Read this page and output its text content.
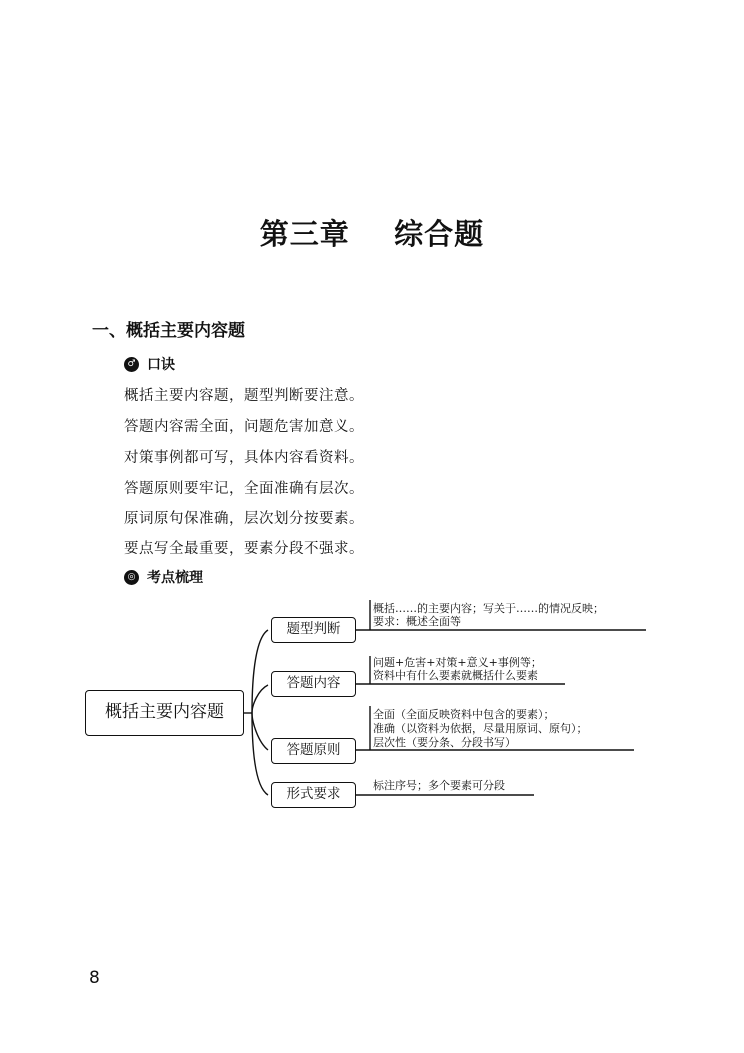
第三章    综合题
一、概括主要内容题
♂ 口诀
概括主要内容题，题型判断要注意。
答题内容需全面，问题危害加意义。
对策事例都可写，具体内容看资料。
答题原则要牢记，全面准确有层次。
原词原句保准确，层次划分按要素。
要点写全最重要，要素分段不强求。
◎ 考点梳理
概括主要内容题
题型判断
答题内容
答题原则
形式要求
概括……的主要内容；写关于……的情况反映；
要求：概述全面等
问题+危害+对策+意义+事例等；
资料中有什么要素就概括什么要素
全面（全面反映资料中包含的要素）；
准确（以资料为依据，尽量用原词、原句）；
层次性（要分条、分段书写）
标注序号；多个要素可分段
8
